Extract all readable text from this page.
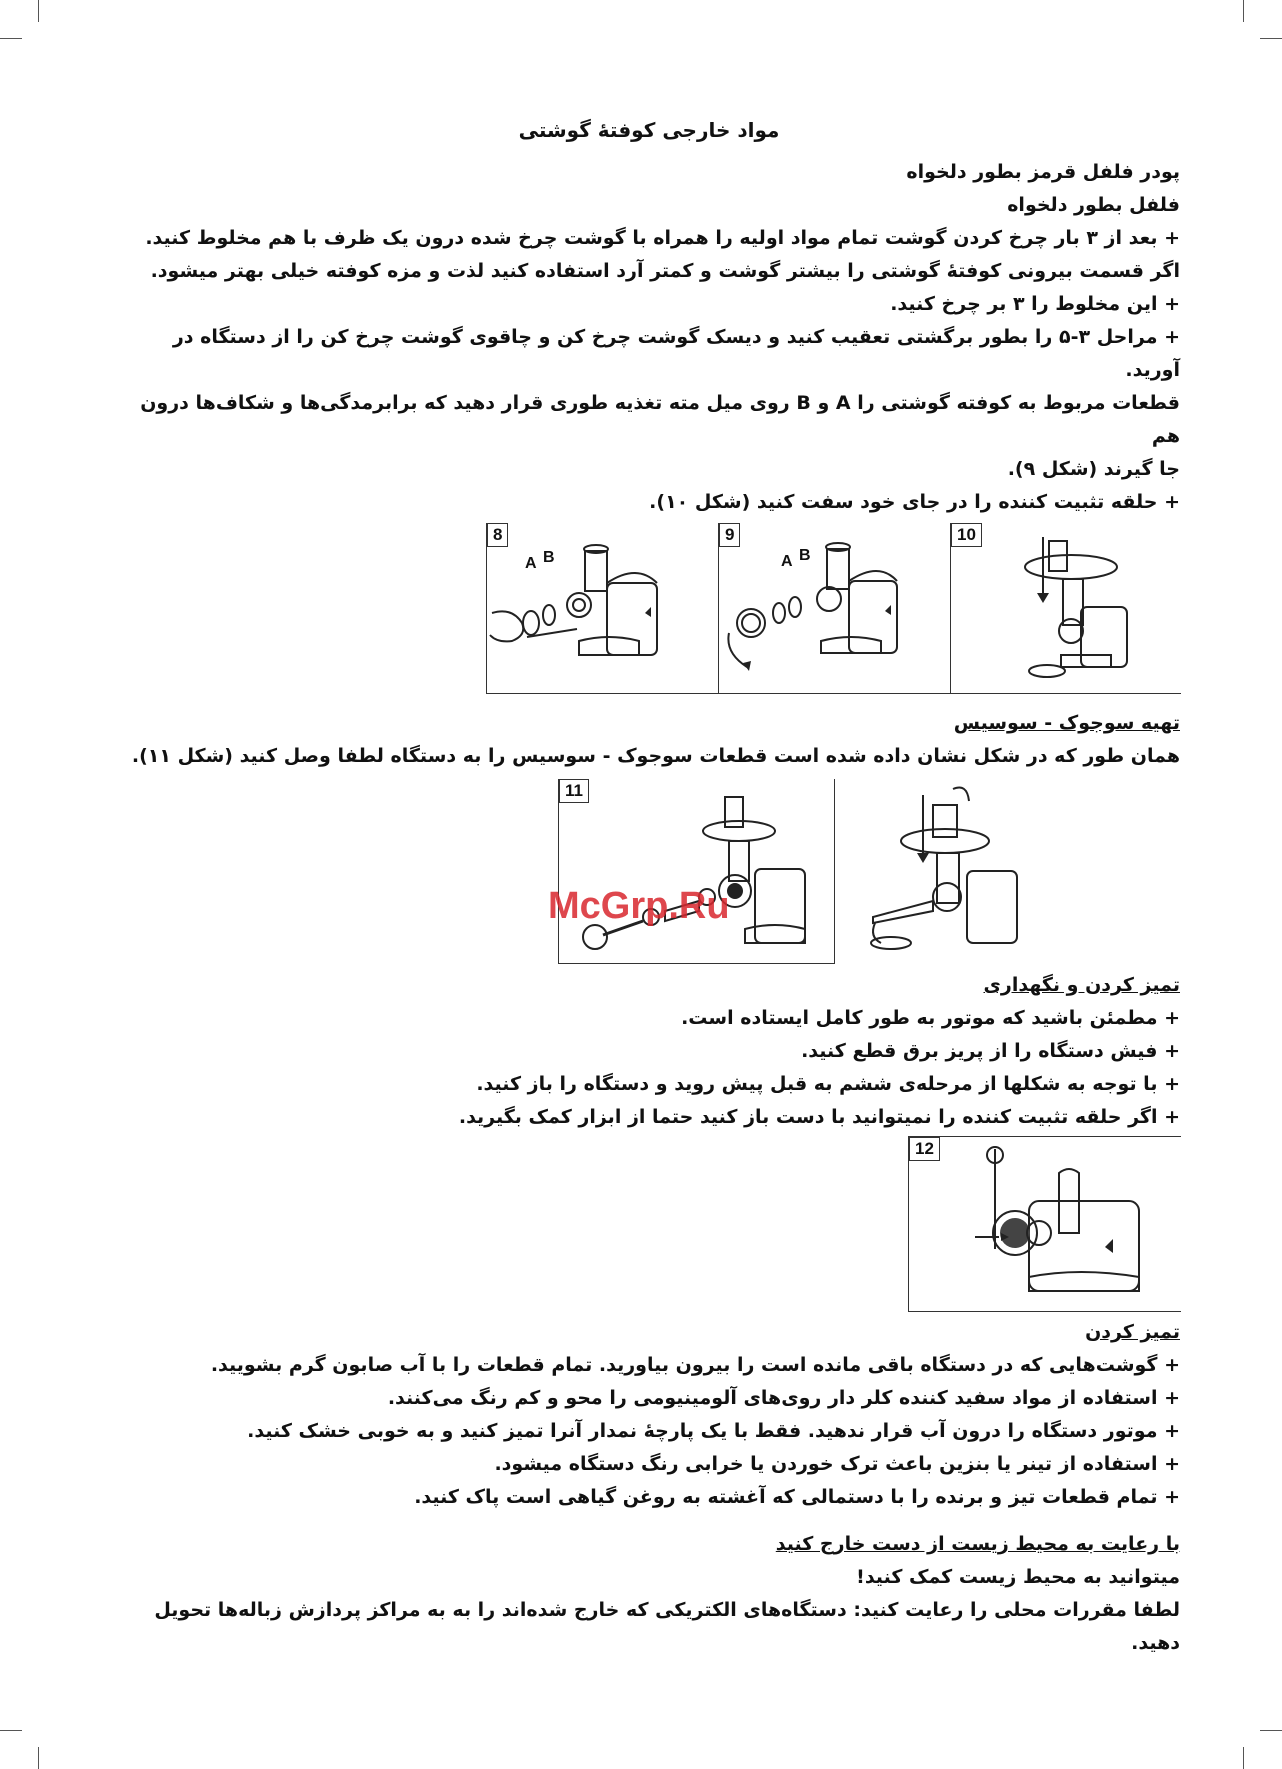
مواد خارجی کوفتهٔ گوشتی

پودر فلفل قرمز بطور دلخواه

فلفل بطور دلخواه

+ بعد از ۳ بار چرخ کردن گوشت تمام مواد اولیه را همراه با گوشت چرخ شده درون یک ظرف با هم مخلوط کنید.

اگر قسمت بیرونی کوفتهٔ گوشتی را بیشتر گوشت و کمتر آرد استفاده کنید لذت و مزه کوفته خیلی بهتر میشود.

+ این مخلوط را ۳ بر چرخ کنید.

+ مراحل ۳-۵ را بطور برگشتی تعقیب کنید و دیسک گوشت چرخ کن و چاقوی گوشت چرخ کن را از دستگاه در

آورید.

قطعات مربوط به کوفته گوشتی را A و B روی میل مته تغذیه طوری قرار دهید که برابرمدگی‌ها و شکاف‌ها درون هم

جا گیرند (شکل ۹).

+ حلقه تثبیت کننده را در جای خود سفت کنید (شکل ۱۰).

8
A B
9
A B
10

تهیه سوجوک - سوسیس

همان طور که در شکل نشان داده شده است قطعات سوجوک - سوسیس را به دستگاه لطفا وصل کنید (شکل ۱۱).

11
McGrp.Ru

تمیز کردن و نگهداری

+ مطمئن باشید که موتور به طور کامل ایستاده است.

+ فیش دستگاه را از پریز برق قطع کنید.

+ با توجه به شکلها از مرحله‌ی ششم به قبل پیش روید و دستگاه را باز کنید.

+ اگر حلقه تثبیت کننده را نمیتوانید با دست باز کنید حتما از ابزار کمک بگیرید.

12

تمیز کردن

+ گوشت‌هایی که در دستگاه باقی مانده است را بیرون بیاورید. تمام قطعات را با آب صابون گرم بشویید.

+ استفاده از مواد سفید کننده کلر دار روی‌های آلومینیومی را محو و کم رنگ می‌کنند.

+ موتور دستگاه را درون آب قرار ندهید. فقط با یک پارچهٔ نمدار آنرا تمیز کنید و به خوبی خشک کنید.

+ استفاده از تینر یا بنزین باعث ترک خوردن یا خرابی رنگ دستگاه میشود.

+ تمام قطعات تیز و برنده را با دستمالی که آغشته به روغن گیاهی است پاک کنید.

با رعایت به محیط زیست از دست خارج کنید

میتوانید به محیط زیست کمک کنید!

لطفا مقررات محلی را رعایت کنید: دستگاه‌های الکتریکی که خارج شده‌اند را به به مراکز پردازش زباله‌ها تحویل دهید.
